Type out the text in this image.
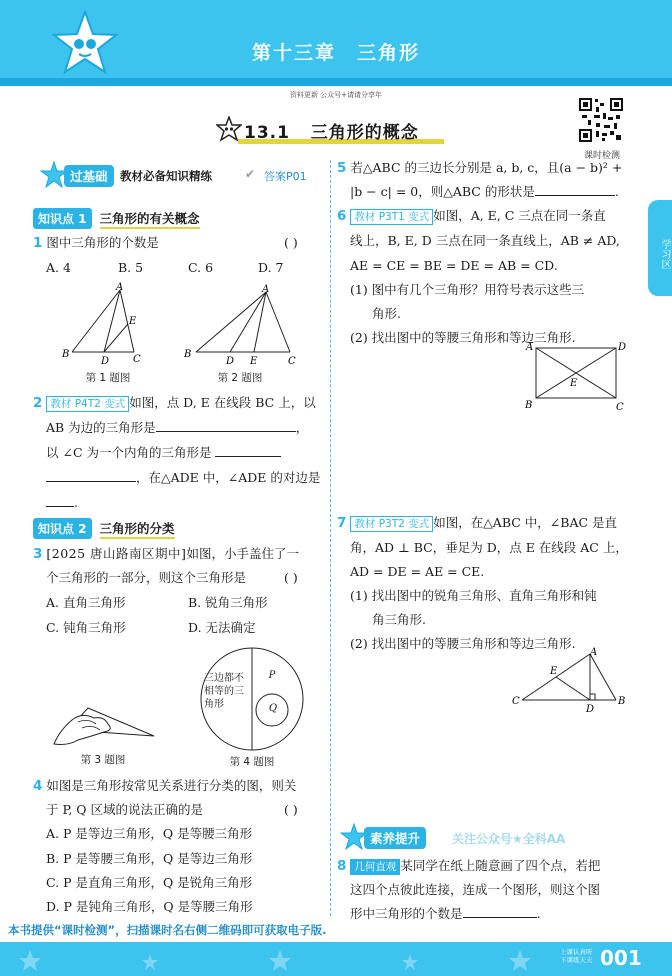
第十三章　三角形
资料更新 公众号+请请分享年
课时检测
13.1 三角形的概念
学习区
过基础	教材必备知识精练	✔ 答案P01
知识点 1 三角形的有关概念
1 图中三角形的个数是	( )
A. 4	B. 5	C. 6	D. 7
A
B
D C
E
第 1 题图
A
B
D E	C
第 2 题图
2 教材 P4T2 变式 如图，点 D, E 在线段 BC 上，以
AB 为边的三角形是	，
以 ∠C 为一个内角的三角形是
，在△ADE 中，∠ADE 的对边是
.
知识点 2 三角形的分类
3 [2025 唐山路南区期中]如图，小手盖住了一
个三角形的一部分，则这个三角形是	( )
A. 直角三角形	B. 锐角三角形
C. 钝角三角形	D. 无法确定
第 3 题图
三边都不
相等的三
角形
P
Q
第 4 题图
4 如图是三角形按常见关系进行分类的图，则关
于 P, Q 区域的说法正确的是	( )
A. P 是等边三角形，Q 是等腰三角形
B. P 是等腰三角形，Q 是等边三角形
C. P 是直角三角形，Q 是锐角三角形
D. P 是钝角三角形，Q 是等腰三角形
5 若△ABC 的三边长分别是 a, b, c，且(a − b)² +
|b − c| = 0，则△ABC 的形状是	.
6 教材 P3T1 变式 如图，A, E, C 三点在同一条直
线上，B, E, D 三点在同一条直线上，AB ≠ AD,
AE = CE = BE = DE = AB = CD.
(1) 图中有几个三角形？用符号表示这些三
角形.
(2) 找出图中的等腰三角形和等边三角形.
A	D
B	C
E
7 教材 P3T2 变式 如图，在△ABC 中，∠BAC 是直
角，AD ⊥ BC，垂足为 D，点 E 在线段 AC 上，
AD = DE = AE = CE.
(1) 找出图中的锐角三角形、直角三角形和钝
角三角形.
(2) 找出图中的等腰三角形和等边三角形.
A
C	B
D
E
素养提升	关注公众号★全科AA
8 几何直观 某同学在纸上随意画了四个点，若把
这四个点彼此连接，连成一个图形，则这个图
形中三角形的个数是	.
本书提供“课时检测”，扫描课时名右侧二维码即可获取电子版.
上课认真听 下课练天天 001
